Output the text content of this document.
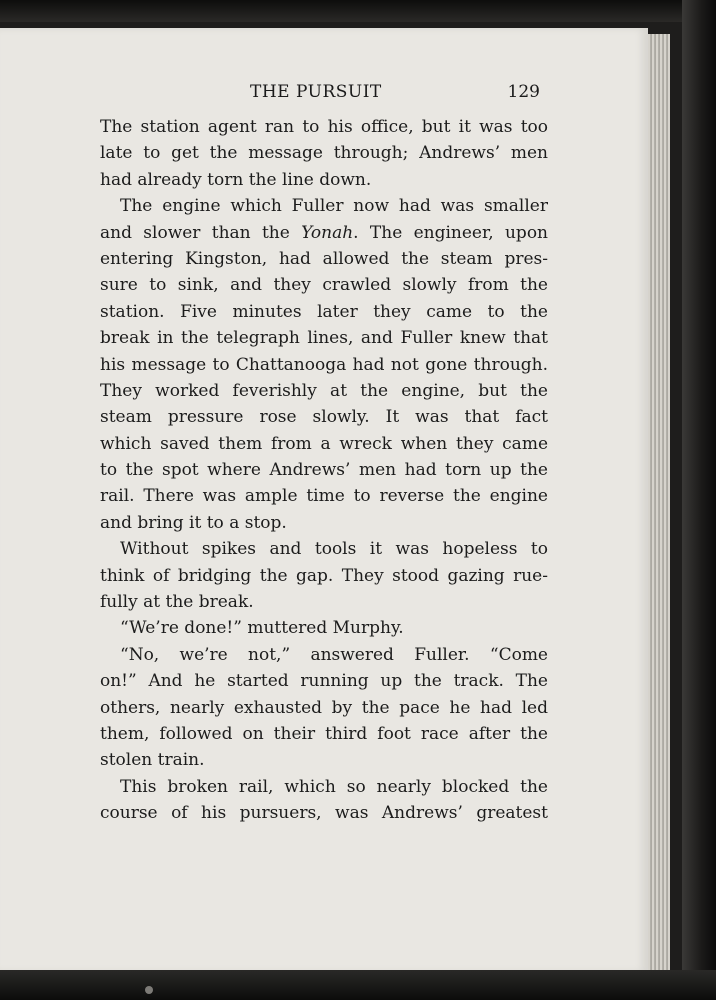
THE PURSUIT	129
The station agent ran to his office, but it was too
late to get the message through; Andrews’ men
had already torn the line down.
The engine which Fuller now had was smaller
and slower than the Yonah. The engineer, upon
entering Kingston, had allowed the steam pres-
sure to sink, and they crawled slowly from the
station. Five minutes later they came to the
break in the telegraph lines, and Fuller knew that
his message to Chattanooga had not gone through.
They worked feverishly at the engine, but the
steam pressure rose slowly. It was that fact
which saved them from a wreck when they came
to the spot where Andrews’ men had torn up the
rail. There was ample time to reverse the engine
and bring it to a stop.
Without spikes and tools it was hopeless to
think of bridging the gap. They stood gazing rue-
fully at the break.
“We’re done!” muttered Murphy.
“No, we’re not,” answered Fuller. “Come
on!” And he started running up the track. The
others, nearly exhausted by the pace he had led
them, followed on their third foot race after the
stolen train.
This broken rail, which so nearly blocked the
course of his pursuers, was Andrews’ greatest
